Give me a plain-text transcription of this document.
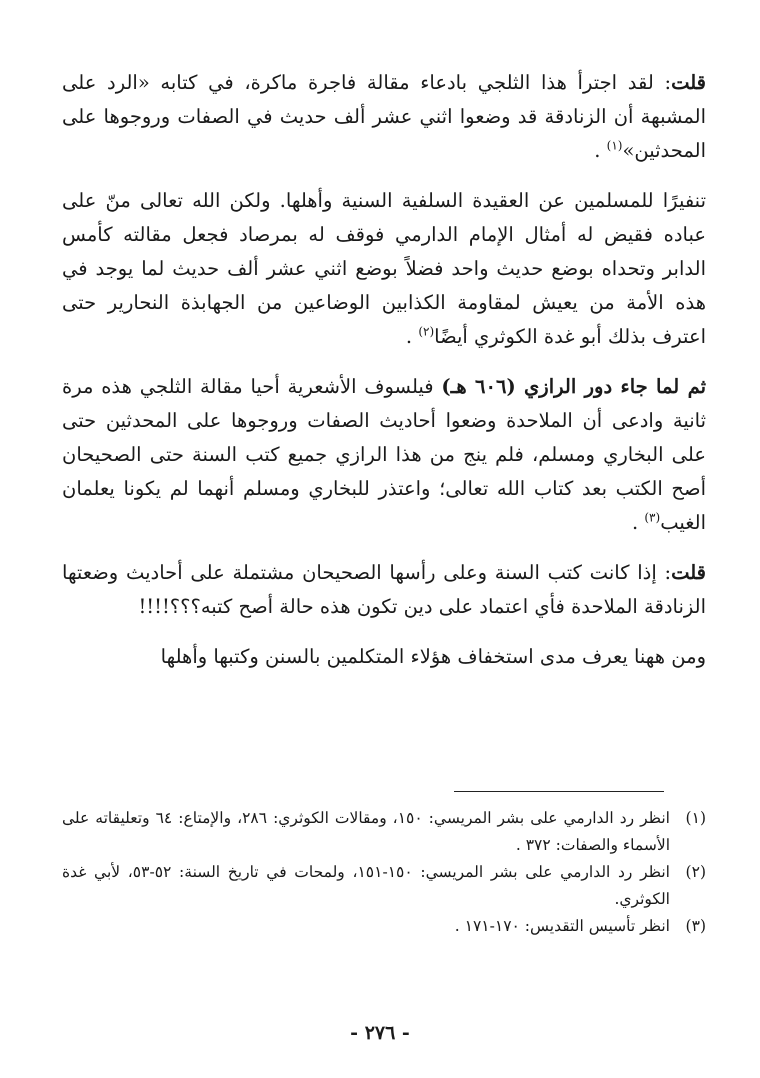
قلت: لقد اجترأ هذا الثلجي بادعاء مقالة فاجرة ماكرة، في كتابه «الرد على المشبهة أن الزنادقة قد وضعوا اثني عشر ألف حديث في الصفات وروجوها على المحدثين»$^{(١)}$ .

تنفيرًا للمسلمين عن العقيدة السلفية السنية وأهلها. ولكن الله تعالى منّ على عباده فقيض له أمثال الإمام الدارمي فوقف له بمرصاد فجعل مقالته كأمس الدابر وتحداه بوضع حديث واحد فضلاً بوضع اثني عشر ألف حديث لما يوجد في هذه الأمة من يعيش لمقاومة الكذابين الوضاعين من الجهابذة النحارير حتى اعترف بذلك أبو غدة الكوثري أيضًا$^{(٢)}$ .

ثم لما جاء دور الرازي (٦٠٦ هـ) فيلسوف الأشعرية أحيا مقالة الثلجي هذه مرة ثانية وادعى أن الملاحدة وضعوا أحاديث الصفات وروجوها على المحدثين حتى على البخاري ومسلم، فلم ينج من هذا الرازي جميع كتب السنة حتى الصحيحان أصح الكتب بعد كتاب الله تعالى؛ واعتذر للبخاري ومسلم أنهما لم يكونا يعلمان الغيب$^{(٣)}$ .

قلت: إذا كانت كتب السنة وعلى رأسها الصحيحان مشتملة على أحاديث وضعتها الزنادقة الملاحدة فأي اعتماد على دين تكون هذه حالة أصح كتبه؟؟؟!!!!

ومن ههنا يعرف مدى استخفاف هؤلاء المتكلمين بالسنن وكتبها وأهلها

(١)
انظر رد الدارمي على بشر المريسي: ١٥٠، ومقالات الكوثري: ٢٨٦، والإمتاع: ٦٤ وتعليقاته على الأسماء والصفات: ٣٧٢ .
(٢)
انظر رد الدارمي على بشر المريسي: ١٥٠-١٥١، ولمحات في تاريخ السنة: ٥٢-٥٣، لأبي غدة الكوثري.
(٣)
انظر تأسيس التقديس: ١٧٠-١٧١ .
- ٢٧٦ -
